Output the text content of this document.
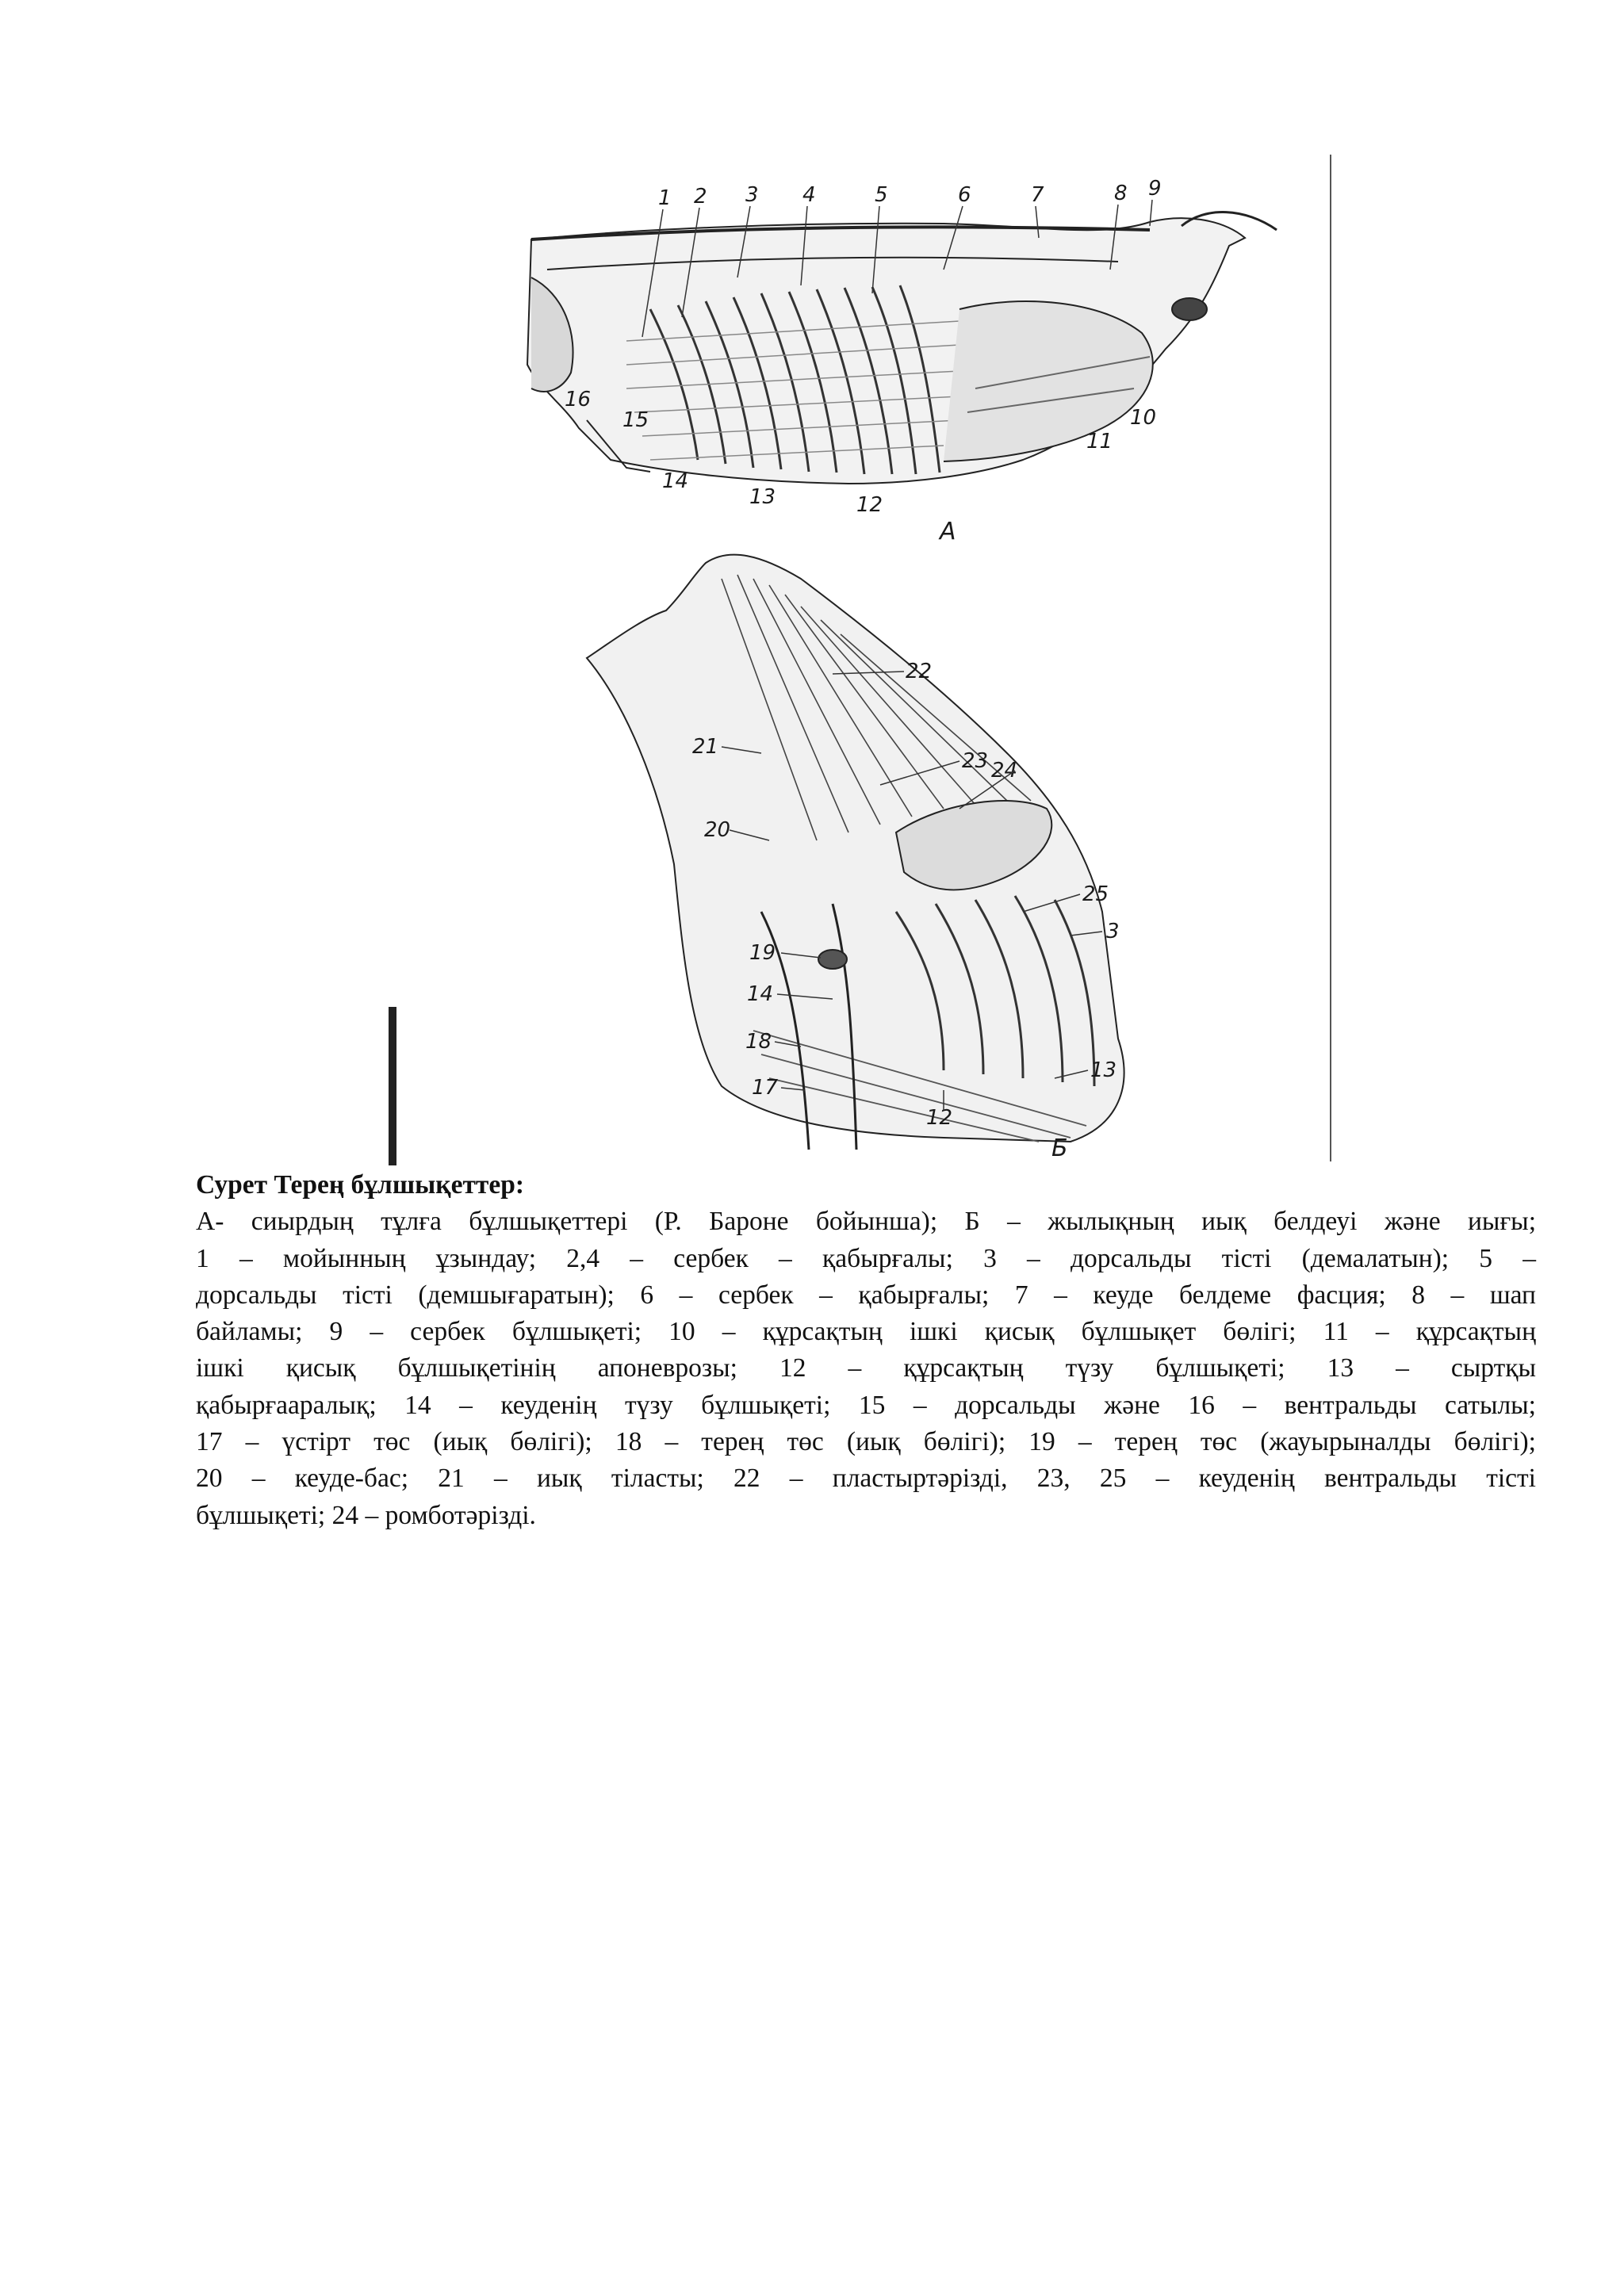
1 2 3 4	5	6	7	8 9
10
11
12
13
14
15
16
А
22
21
23 24
20
25
3
19
14
18
17
12
13
Б

Сурет Терең бұлшықеттер:

А- сиырдың тұлға бұлшықеттері (Р. Бароне бойынша); Б – жылықның иық белдеуі және иығы;

1 – мойынның ұзындау; 2,4 – сербек – қабырғалы; 3 – дорсальды тісті (демалатын); 5 –

дорсальды тісті (демшығаратын); 6 – сербек – қабырғалы; 7 – кеуде белдеме фасция; 8 – шап

байламы; 9 – сербек бұлшықеті; 10 – құрсақтың ішкі қисық бұлшықет бөлігі; 11 – құрсақтың

ішкі қисық бұлшықетінің апоневрозы; 12 – құрсақтың түзу бұлшықеті; 13 – сыртқы

қабырғааралық; 14 – кеуденің түзу бұлшықеті; 15 – дорсальды және 16 – вентральды сатылы;

17 – үстірт төс (иық бөлігі); 18 – терең төс (иық бөлігі); 19 – терең төс (жауырыналды бөлігі);

20 – кеуде-бас; 21 – иық тіласты; 22 – пластыртәрізді, 23, 25 – кеуденің вентральды тісті

бұлшықеті; 24 – ромботәрізді.
